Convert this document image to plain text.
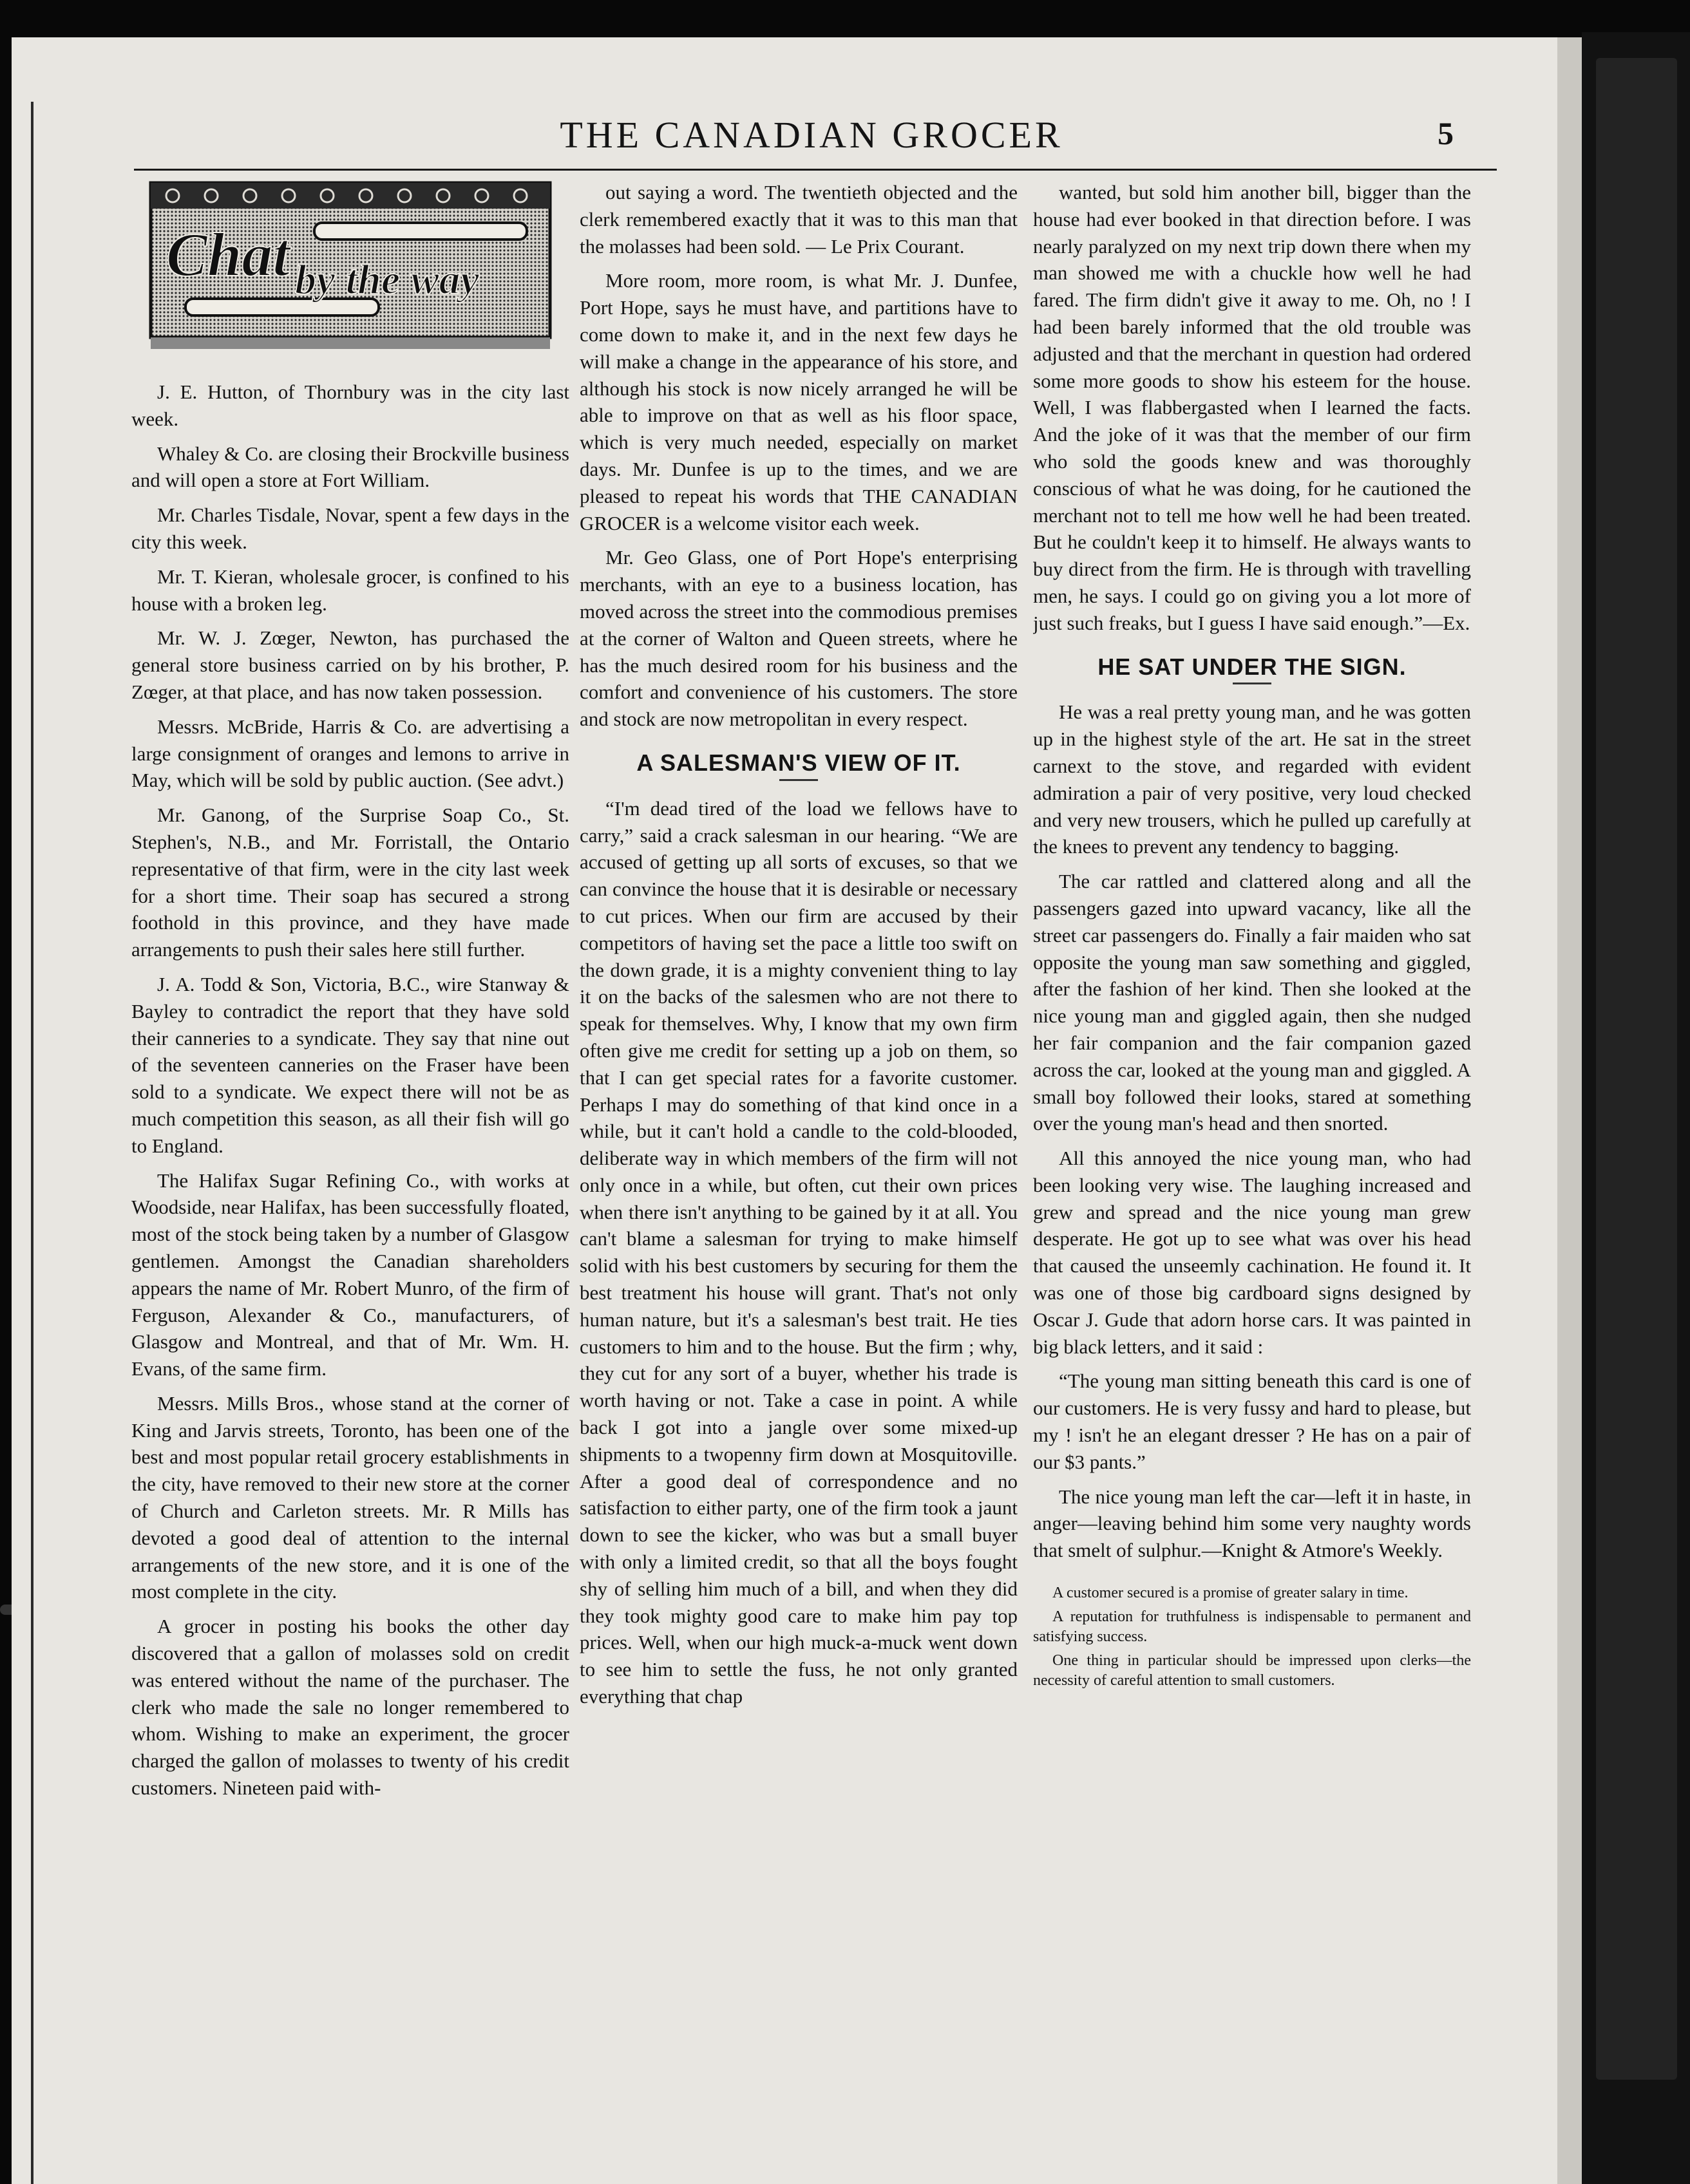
THE CANADIAN GROCER	5
Chat by the way

J. E. Hutton, of Thornbury was in the city last week.

Whaley & Co. are closing their Brockville business and will open a store at Fort William.

Mr. Charles Tisdale, Novar, spent a few days in the city this week.

Mr. T. Kieran, wholesale grocer, is confined to his house with a broken leg.

Mr. W. J. Zœger, Newton, has purchased the general store business carried on by his brother, P. Zœger, at that place, and has now taken possession.

Messrs. McBride, Harris & Co. are advertising a large consignment of oranges and lemons to arrive in May, which will be sold by public auction. (See advt.)

Mr. Ganong, of the Surprise Soap Co., St. Stephen's, N.B., and Mr. Forristall, the Ontario representative of that firm, were in the city last week for a short time. Their soap has secured a strong foothold in this province, and they have made arrangements to push their sales here still further.

J. A. Todd & Son, Victoria, B.C., wire Stanway & Bayley to contradict the report that they have sold their canneries to a syndicate. They say that nine out of the seventeen canneries on the Fraser have been sold to a syndicate. We expect there will not be as much competition this season, as all their fish will go to England.

The Halifax Sugar Refining Co., with works at Woodside, near Halifax, has been successfully floated, most of the stock being taken by a number of Glasgow gentlemen. Amongst the Canadian shareholders appears the name of Mr. Robert Munro, of the firm of Ferguson, Alexander & Co., manufacturers, of Glasgow and Montreal, and that of Mr. Wm. H. Evans, of the same firm.

Messrs. Mills Bros., whose stand at the corner of King and Jarvis streets, Toronto, has been one of the best and most popular retail grocery establishments in the city, have removed to their new store at the corner of Church and Carleton streets. Mr. R Mills has devoted a good deal of attention to the internal arrangements of the new store, and it is one of the most complete in the city.

A grocer in posting his books the other day discovered that a gallon of molasses sold on credit was entered without the name of the purchaser. The clerk who made the sale no longer remembered to whom. Wishing to make an experiment, the grocer charged the gallon of molasses to twenty of his credit customers. Nineteen paid with-

out saying a word. The twentieth objected and the clerk remembered exactly that it was to this man that the molasses had been sold. — Le Prix Courant.

More room, more room, is what Mr. J. Dunfee, Port Hope, says he must have, and partitions have to come down to make it, and in the next few days he will make a change in the appearance of his store, and although his stock is now nicely arranged he will be able to improve on that as well as his floor space, which is very much needed, especially on market days. Mr. Dunfee is up to the times, and we are pleased to repeat his words that THE CANADIAN GROCER is a welcome visitor each week.

Mr. Geo Glass, one of Port Hope's enterprising merchants, with an eye to a business location, has moved across the street into the commodious premises at the corner of Walton and Queen streets, where he has the much desired room for his business and the comfort and convenience of his customers. The store and stock are now metropolitan in every respect.

A SALESMAN'S VIEW OF IT.

“I'm dead tired of the load we fellows have to carry,” said a crack salesman in our hearing. “We are accused of getting up all sorts of excuses, so that we can convince the house that it is desirable or necessary to cut prices. When our firm are accused by their competitors of having set the pace a little too swift on the down grade, it is a mighty convenient thing to lay it on the backs of the salesmen who are not there to speak for themselves. Why, I know that my own firm often give me credit for setting up a job on them, so that I can get special rates for a favorite customer. Perhaps I may do something of that kind once in a while, but it can't hold a candle to the cold-blooded, deliberate way in which members of the firm will not only once in a while, but often, cut their own prices when there isn't anything to be gained by it at all. You can't blame a salesman for trying to make himself solid with his best customers by securing for them the best treatment his house will grant. That's not only human nature, but it's a salesman's best trait. He ties customers to him and to the house. But the firm ; why, they cut for any sort of a buyer, whether his trade is worth having or not. Take a case in point. A while back I got into a jangle over some mixed-up shipments to a twopenny firm down at Mosquitoville. After a good deal of correspondence and no satisfaction to either party, one of the firm took a jaunt down to see the kicker, who was but a small buyer with only a limited credit, so that all the boys fought shy of selling him much of a bill, and when they did they took mighty good care to make him pay top prices. Well, when our high muck-a-muck went down to see him to settle the fuss, he not only granted everything that chap

wanted, but sold him another bill, bigger than the house had ever booked in that direction before. I was nearly paralyzed on my next trip down there when my man showed me with a chuckle how well he had fared. The firm didn't give it away to me. Oh, no ! I had been barely informed that the old trouble was adjusted and that the merchant in question had ordered some more goods to show his esteem for the house. Well, I was flabbergasted when I learned the facts. And the joke of it was that the member of our firm who sold the goods knew and was thoroughly conscious of what he was doing, for he cautioned the merchant not to tell me how well he had been treated. But he couldn't keep it to himself. He always wants to buy direct from the firm. He is through with travelling men, he says. I could go on giving you a lot more of just such freaks, but I guess I have said enough.”—Ex.

HE SAT UNDER THE SIGN.

He was a real pretty young man, and he was gotten up in the highest style of the art. He sat in the street carnext to the stove, and regarded with evident admiration a pair of very positive, very loud checked and very new trousers, which he pulled up carefully at the knees to prevent any tendency to bagging.

The car rattled and clattered along and all the passengers gazed into upward vacancy, like all the street car passengers do. Finally a fair maiden who sat opposite the young man saw something and giggled, after the fashion of her kind. Then she looked at the nice young man and giggled again, then she nudged her fair companion and the fair companion gazed across the car, looked at the young man and giggled. A small boy followed their looks, stared at something over the young man's head and then snorted.

All this annoyed the nice young man, who had been looking very wise. The laughing increased and grew and spread and the nice young man grew desperate. He got up to see what was over his head that caused the unseemly cachination. He found it. It was one of those big cardboard signs designed by Oscar J. Gude that adorn horse cars. It was painted in big black letters, and it said :

“The young man sitting beneath this card is one of our customers. He is very fussy and hard to please, but my ! isn't he an elegant dresser ? He has on a pair of our $3 pants.”

The nice young man left the car—left it in haste, in anger—leaving behind him some very naughty words that smelt of sulphur.—Knight & Atmore's Weekly.

A customer secured is a promise of greater salary in time.

A reputation for truthfulness is indispensable to permanent and satisfying success.

One thing in particular should be impressed upon clerks—the necessity of careful attention to small customers.
